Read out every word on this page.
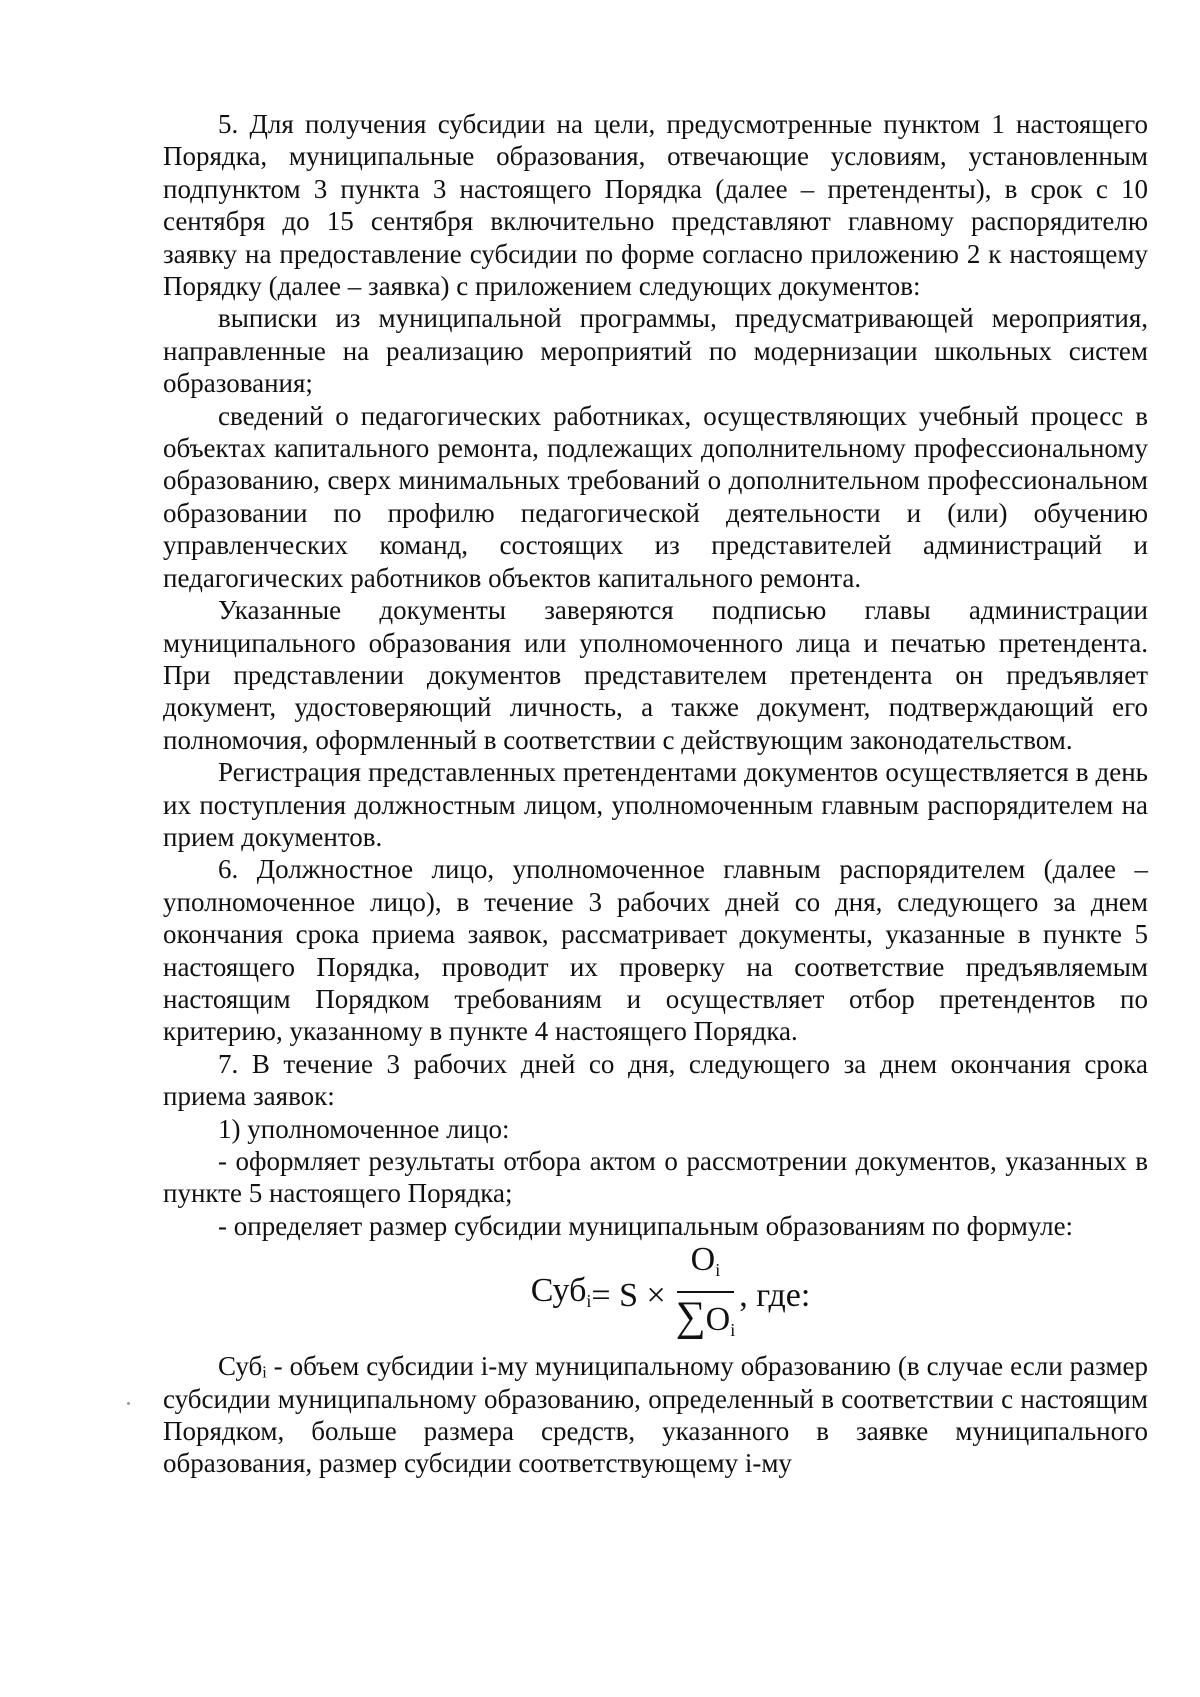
5. Для получения субсидии на цели, предусмотренные пунктом 1 настоящего Порядка, муниципальные образования, отвечающие условиям, установленным подпунктом 3 пункта 3 настоящего Порядка (далее – претенденты), в срок с 10 сентября до 15 сентября включительно представляют главному распорядителю заявку на предоставление субсидии по форме согласно приложению 2 к настоящему Порядку (далее – заявка) с приложением следующих документов:

выписки из муниципальной программы, предусматривающей мероприятия, направленные на реализацию мероприятий по модернизации школьных систем образования;

сведений о педагогических работниках, осуществляющих учебный процесс в объектах капитального ремонта, подлежащих дополнительному профессиональному образованию, сверх минимальных требований о дополнительном профессиональном образовании по профилю педагогической деятельности и (или) обучению управленческих команд, состоящих из представителей администраций и педагогических работников объектов капитального ремонта.

Указанные документы заверяются подписью главы администрации муниципального образования или уполномоченного лица и печатью претендента. При представлении документов представителем претендента он предъявляет документ, удостоверяющий личность, а также документ, подтверждающий его полномочия, оформленный в соответствии с действующим законодательством.

Регистрация представленных претендентами документов осуществляется в день их поступления должностным лицом, уполномоченным главным распорядителем на прием документов.

6. Должностное лицо, уполномоченное главным распорядителем (далее – уполномоченное лицо), в течение 3 рабочих дней со дня, следующего за днем окончания срока приема заявок, рассматривает документы, указанные в пункте 5 настоящего Порядка, проводит их проверку на соответствие предъявляемым настоящим Порядком требованиям и осуществляет отбор претендентов по критерию, указанному в пункте 4 настоящего Порядка.

7. В течение 3 рабочих дней со дня, следующего за днем окончания срока приема заявок:

1) уполномоченное лицо:

- оформляет результаты отбора актом о рассмотрении документов, указанных в пункте 5 настоящего Порядка;

- определяет размер субсидии муниципальным образованиям по формуле:

$Суб_i = S \times \frac{O_i}{\sum O_i}$ , где:

Субᵢ - объем субсидии i-му муниципальному образованию (в случае если размер субсидии муниципальному образованию, определенный в соответствии с настоящим Порядком, больше размера средств, указанного в заявке муниципального образования, размер субсидии соответствующему i-му
